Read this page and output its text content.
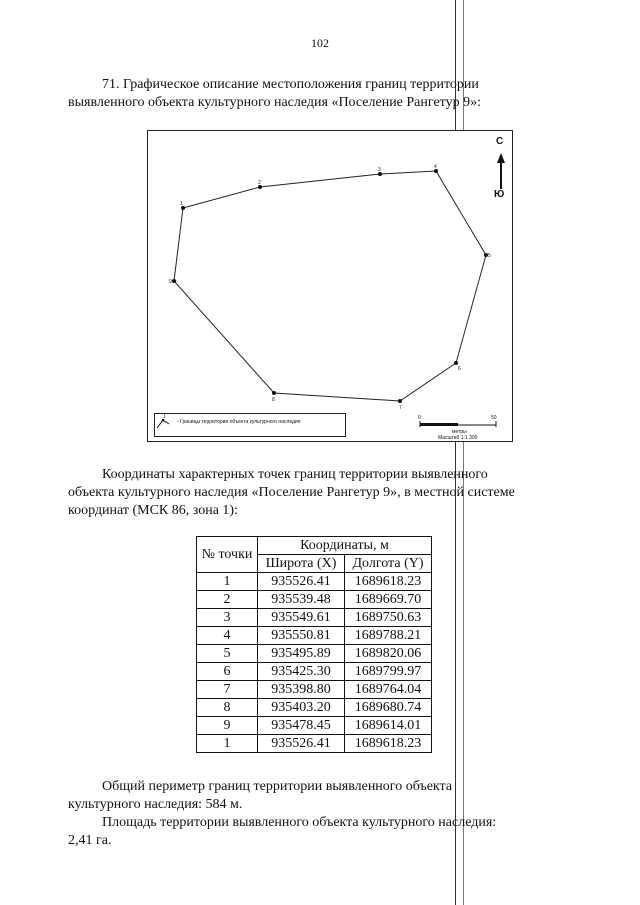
102
71. Графическое описание местоположения границ территории
выявленного объекта культурного наследия «Поселение Рангетур 9»:
1
2
3	4
5
6
7
8
9
С
Ю
0	50
метры
Масштаб 1:1 300
1
- Границы территории объекта культурного наследия
Координаты характерных точек границ территории выявленного
объекта культурного наследия «Поселение Рангетур 9», в местной системе
координат (МСК 86, зона 1):
№ точки	Координаты, м	
	Широта (X)	Долгота (Y)
1	935526.41	1689618.23
2	935539.48	1689669.70
3	935549.61	1689750.63
4	935550.81	1689788.21
5	935495.89	1689820.06
6	935425.30	1689799.97
7	935398.80	1689764.04
8	935403.20	1689680.74
9	935478.45	1689614.01
1	935526.41	1689618.23
Общий периметр границ территории выявленного объекта
культурного наследия: 584 м.
Площадь территории выявленного объекта культурного наследия:
2,41 га.
